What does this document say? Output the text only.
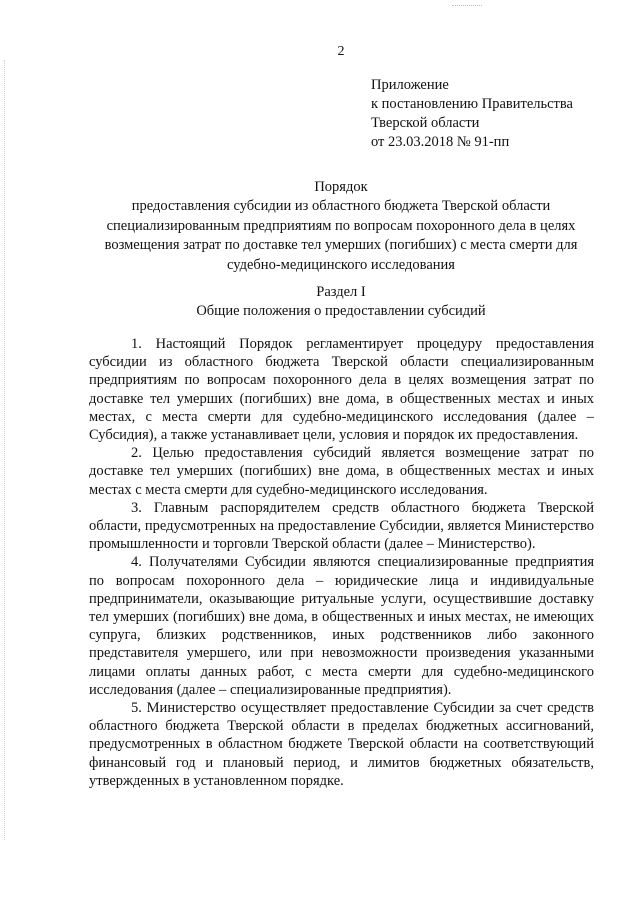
2
Приложение
к постановлению Правительства
Тверской области
от 23.03.2018 № 91-пп
Порядок
предоставления субсидии из областного бюджета Тверской области специализированным предприятиям по вопросам похоронного дела в целях возмещения затрат по доставке тел умерших (погибших) с места смерти для судебно-медицинского исследования
Раздел I
Общие положения о предоставлении субсидий

1. Настоящий Порядок регламентирует процедуру предоставления субсидии из областного бюджета Тверской области специализированным предприятиям по вопросам похоронного дела в целях возмещения затрат по доставке тел умерших (погибших) вне дома, в общественных местах и иных местах, с места смерти для судебно-медицинского исследования (далее – Субсидия), а также устанавливает цели, условия и порядок их предоставления.

2. Целью предоставления субсидий является возмещение затрат по доставке тел умерших (погибших) вне дома, в общественных местах и иных местах с места смерти для судебно-медицинского исследования.

3. Главным распорядителем средств областного бюджета Тверской области, предусмотренных на предоставление Субсидии, является Министерство промышленности и торговли Тверской области (далее – Министерство).

4. Получателями Субсидии являются специализированные предприятия по вопросам похоронного дела – юридические лица и индивидуальные предприниматели, оказывающие ритуальные услуги, осуществившие доставку тел умерших (погибших) вне дома, в общественных и иных местах, не имеющих супруга, близких родственников, иных родственников либо законного представителя умершего, или при невозможности произведения указанными лицами оплаты данных работ, с места смерти для судебно-медицинского исследования (далее – специализированные предприятия).

5. Министерство осуществляет предоставление Субсидии за счет средств областного бюджета Тверской области в пределах бюджетных ассигнований, предусмотренных в областном бюджете Тверской области на соответствующий финансовый год и плановый период, и лимитов бюджетных обязательств, утвержденных в установленном порядке.
